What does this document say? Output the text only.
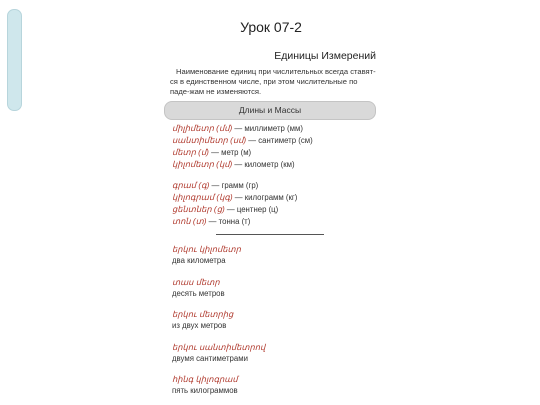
Урок 07-2
Единицы Измерений
Наименование единиц при числительных всегда ставят-ся в единственном числе, при этом числительные по паде-жам не изменяются.
Длины и Массы
միլիմետր (մմ) — миллиметр (мм)
սանտիմետր (սմ) — сантиметр (см)
մետր (մ) — метр (м)
կիլոմետր (կմ) — километр (км)
գրամ (գ) — грамм (гр)
կիլոգրամ (կգ) — килограмм (кг)
ցենտներ (ց) — центнер (ц)
տոն (տ) — тонна (т)
երկու կիլոմետր
два километра
տաս մետր
десять метров
երկու մետրից
из двух метров
երկու սանտիմետրով
двумя сантиметрами
հինգ կիլոգրամ
пять килограммов
